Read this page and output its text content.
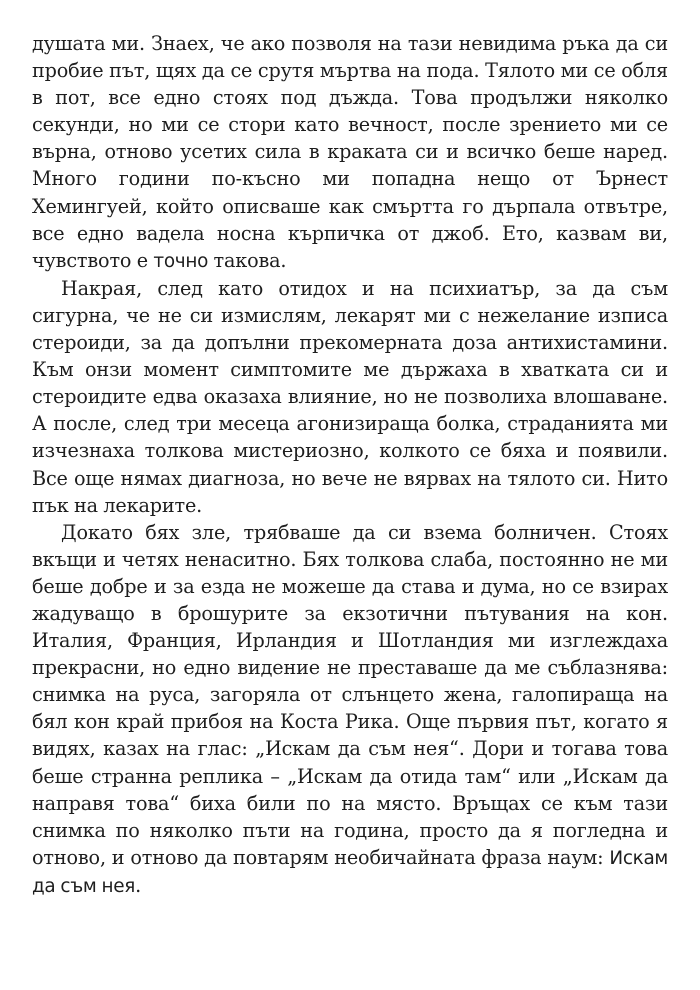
душата ми. Знаех, че ако позволя на тази невидима ръка да си пробие път, щях да се срутя мъртва на пода. Тялото ми се обля в пот, все едно стоях под дъжда. Това продължи няколко секунди, но ми се стори като вечност, после зрението ми се върна, отново усетих сила в краката си и всичко беше наред. Много години по-късно ми попадна нещо от Ърнест Хемингуей, който описваше как смъртта го дърпала отвътре, все едно вадела носна кърпичка от джоб. Ето, казвам ви, чувството е точно такова.

Накрая, след като отидох и на психиатър, за да съм сигурна, че не си измислям, лекарят ми с нежелание изписа стероиди, за да допълни прекомерната доза антихистамини. Към онзи момент симптомите ме държаха в хватката си и стероидите едва оказаха влияние, но не позволиха влошаване. А после, след три месеца агонизираща болка, страданията ми изчезнаха толкова мистериозно, колкото се бяха и появили. Все още нямах диагноза, но вече не вярвах на тялото си. Нито пък на лекарите.

Докато бях зле, трябваше да си взема болничен. Стоях вкъщи и четях ненаситно. Бях толкова слаба, постоянно не ми беше добре и за езда не можеше да става и дума, но се взирах жадуващо в брошурите за екзотични пътувания на кон. Италия, Франция, Ирландия и Шотландия ми изглеждаха прекрасни, но едно видение не преставаше да ме съблазнява: снимка на руса, загоряла от слънцето жена, галопираща на бял кон край прибоя на Коста Рика. Още първия път, когато я видях, казах на глас: „Искам да съм нея“. Дори и тогава това беше странна реплика – „Искам да отида там“ или „Искам да направя това“ биха били по на място. Връщах се към тази снимка по няколко пъти на година, просто да я погледна и отново, и отново да повтарям необичайната фраза наум: Искам да съм нея.
